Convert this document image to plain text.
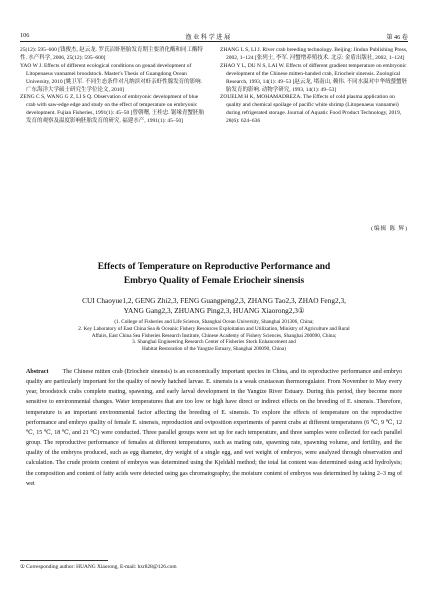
106	渔 业 科 学 进 展	第 46 卷

25(12): 595–600 [钱俊杰, 赵云龙. 罗氏沼虾胚胎发育期主要消化酶和同工酶特性. 水产科学, 2006, 25(12): 595–600]

YAO W J. Effects of different ecological conditions on gonad development of Litopenaeus vannamei broodstock. Master′s Thesis of Guangdong Ocean University, 2010 [姚卫军. 不同生态条件对凡纳滨对虾亲虾性腺发育的影响. 广东海洋大学硕士研究生学位论文, 2010]

ZENG C S, WANG G Z, LI S Q. Observation of embryonic development of blue crab with saw-edge edge and study on the effect of temperature on embryonic development. Fujian Fisheries, 1991(1): 45–50 [曾朝曙, 王桂忠. 锯缘青蟹胚胎发育的观察及温度影响胚胎发育的研究. 福建水产, 1991(1): 45–50]

ZHANG L S, LI J. River crab breeding technology. Beijing: Jindun Publishing Press, 2002, 1–124 [张列士, 李军. 河蟹增养殖技术. 北京: 金盾出版社, 2002, 1–124]

ZHAO Y L, DU N S, LAI W. Effects of different gradient temperature on embryonic development of the Chinese mitten-handed crab, Eriocheir sinensis. Zoological Research, 1993, 14(1): 49–53 [赵云龙, 堵南山, 赖伟. 不同水温对中华绒螯蟹胚胎发育的影响. 动物学研究, 1993, 14(1): 49–53]

ZOUELM H K, MOHAMADREZA. The Effects of cold plasma application on quality and chemical spoilage of pacific white shrimp (Litopenaeus vannamei) during refrigerated storage. Journal of Aquatic Food Product Technology, 2019, 28(6): 624–636

(编辑 陈 辉)
Effects of Temperature on Reproductive Performance and
Embryo Quality of Female Eriocheir sinensis
CUI Chaoyue1,2, GENG Zhi2,3, FENG Guangpeng2,3, ZHANG Tao2,3, ZHAO Feng2,3,
YANG Gang2,3, ZHUANG Ping2,3, HUANG Xiaorong2,3①

(1. College of Fisheries and Life Science, Shanghai Ocean University, Shanghai 201306, China;

2. Key Laboratory of East China Sea & Oceanic Fishery Resources Exploitation and Utilization, Ministry of Agriculture and Rural

Affairs, East China Sea Fisheries Research Institute, Chinese Academy of Fishery Sciences, Shanghai 200090, China;

3. Shanghai Engineering Research Center of Fisheries Stock Enhancement and

Habitat Restoration of the Yangtze Estuary, Shanghai 200090, China)

Abstract The Chinese mitten crab (Eriocheir sinensis) is an economically important species in China, and its reproductive performance and embryo quality are particularly important for the quality of newly hatched larvae. E. sinensis is a weak crustacean thermoregulator. From November to May every year, broodstock crabs complete mating, spawning, and early larval development in the Yangtze River Estuary. During this period, they become more sensitive to environmental changes. Water temperatures that are too low or high have direct or indirect effects on the breeding of E. sinensis. Therefore, temperature is an important environmental factor affecting the breeding of E. sinensis. To explore the effects of temperature on the reproductive performance and embryo quality of female E. sinensis, reproduction and oviposition experiments of parent crabs at different temperatures (6 ℃, 9 ℃, 12 ℃, 15 ℃, 18 ℃, and 21 ℃) were conducted. Three parallel groups were set up for each temperature, and three samples were collected for each parallel group. The reproductive performance of females at different temperatures, such as mating rate, spawning rate, spawning volume, and fertility, and the quality of the embryos produced, such as egg diameter, dry weight of a single egg, and wet weight of embryos, were analyzed through observation and calculation. The crude protein content of embryos was determined using the Kjeldahl method; the total fat content was determined using acid hydrolysis; the composition and content of fatty acids were detected using gas chromatography; the moisture content of embryos was determined by taking 2–3 mg of wet

① Corresponding author: HUANG Xiaorong, E-mail: hxr828@126.com
